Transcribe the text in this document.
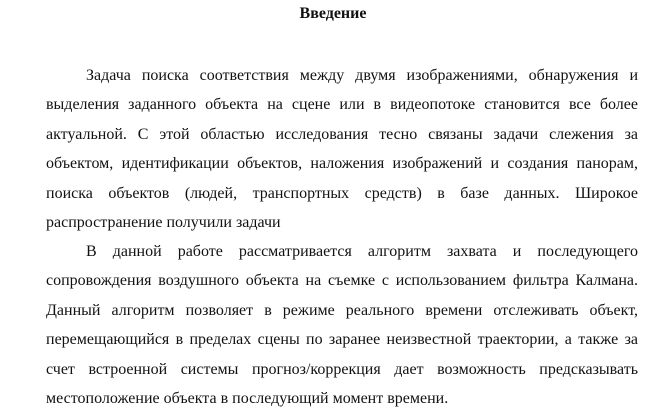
Введение

Задача поиска соответствия между двумя изображениями, обнаружения и выделения заданного объекта на сцене или в видеопотоке становится все более актуальной. С этой областью исследования тесно связаны задачи слежения за объектом, идентификации объектов, наложения изображений и создания панорам, поиска объектов (людей, транспортных средств) в базе данных. Широкое распространение получили задачи

В данной работе рассматривается алгоритм захвата и последующего сопровождения воздушного объекта на съемке с использованием фильтра Калмана. Данный алгоритм позволяет в режиме реального времени отслеживать объект, перемещающийся в пределах сцены по заранее неизвестной траектории, а также за счет встроенной системы прогноз/коррекция дает возможность предсказывать местоположение объекта в последующий момент времени.
